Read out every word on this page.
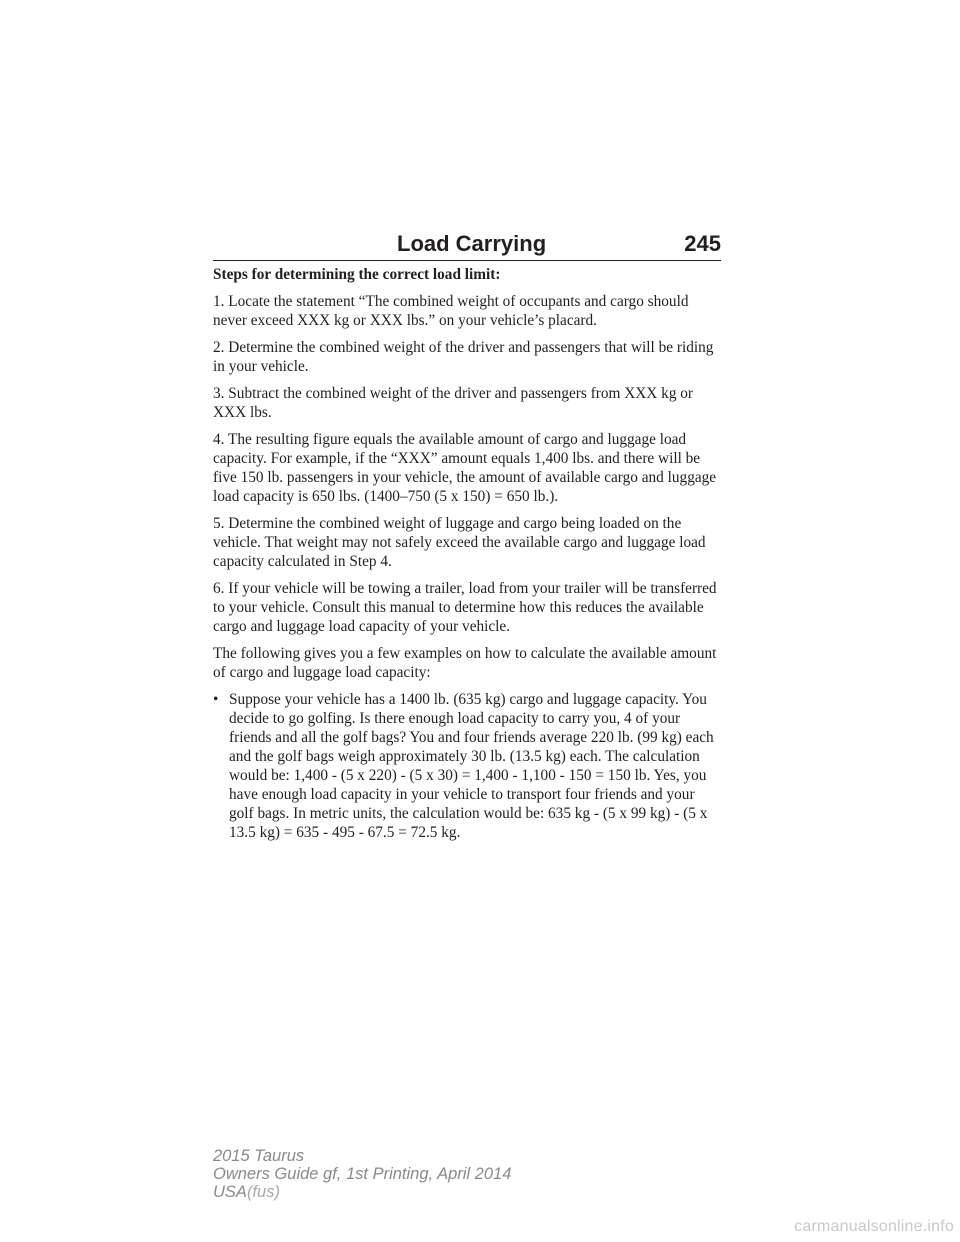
Load Carrying	245

Steps for determining the correct load limit:

1. Locate the statement “The combined weight of occupants and cargo should never exceed XXX kg or XXX lbs.” on your vehicle’s placard.

2. Determine the combined weight of the driver and passengers that will be riding in your vehicle.

3. Subtract the combined weight of the driver and passengers from XXX kg or XXX lbs.

4. The resulting figure equals the available amount of cargo and luggage load capacity. For example, if the “XXX” amount equals 1,400 lbs. and there will be five 150 lb. passengers in your vehicle, the amount of available cargo and luggage load capacity is 650 lbs. (1400–750 (5 x 150) = 650 lb.).

5. Determine the combined weight of luggage and cargo being loaded on the vehicle. That weight may not safely exceed the available cargo and luggage load capacity calculated in Step 4.

6. If your vehicle will be towing a trailer, load from your trailer will be transferred to your vehicle. Consult this manual to determine how this reduces the available cargo and luggage load capacity of your vehicle.

The following gives you a few examples on how to calculate the available amount of cargo and luggage load capacity:

• Suppose your vehicle has a 1400 lb. (635 kg) cargo and luggage capacity. You decide to go golfing. Is there enough load capacity to carry you, 4 of your friends and all the golf bags? You and four friends average 220 lb. (99 kg) each and the golf bags weigh approximately 30 lb. (13.5 kg) each. The calculation would be: 1,400 - (5 x 220) - (5 x 30) = 1,400 - 1,100 - 150 = 150 lb. Yes, you have enough load capacity in your vehicle to transport four friends and your golf bags. In metric units, the calculation would be: 635 kg - (5 x 99 kg) - (5 x 13.5 kg) = 635 - 495 - 67.5 = 72.5 kg.
2015 Taurus
Owners Guide gf, 1st Printing, April 2014
USA(fus)
carmanualsonline.info
